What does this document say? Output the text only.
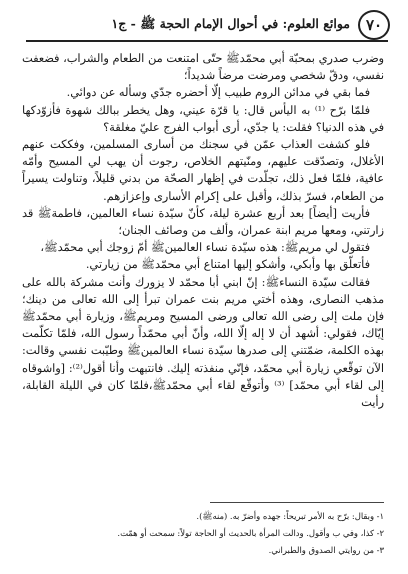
٧٠
موائع العلوم: في أحوال الإمام الحجة ﷺ - ج١

وضرب صدري بمحبّة أبي محمّدﷺ حتّى امتنعت من الطعام والشراب، فضعفت نفسي، ودقّ شخصي ومرضت مرضاً شديداً؛

فما بقي في مدائن الروم طبيب إلّا أحضره جدّي وسأله عن دوائي.

فلمّا برّح ⁽¹⁾ به اليأس قال: يا قرّة عيني، وهل يخطر ببالك شهوة فأزوّدكها في هذه الدنيا؟ فقلت: يا جدّي، أرى أبواب الفرج عليّ مغلقة؟

فلو كشفت العذاب عمّن في سجنك من أسارى المسلمين، وفككت عنهم الأغلال، وتصدّقت عليهم، ومنّيتهم الخلاص، رجوت أن يهب لي المسيح وأمّه عافية، فلمّا فعل ذلك، تجلّدت في إظهار الصحّة من بدني قليلاً، وتناولت يسيراً من الطعام، فسرّ بذلك، وأقبل على إكرام الأسارى وإعزازهم.

فأريت [أيضاً] بعد أربع عشرة ليلة، كأنّ سيّدة نساء العالمين، فاطمةﷺ قد زارتني، ومعها مريم ابنة عمران، وألف من وصائف الجنان؛

فتقول لي مريمﷺ: هذه سيّدة نساء العالمينﷺ أمّ زوجك أبي محمّدﷺ،

فأتعلّق بها وأبكي، وأشكو إليها امتناع أبي محمّدﷺ من زيارتي.

فقالت سيّدة النساءﷺ: إنّ ابني أبا محمّد لا يزورك وأنت مشركة بالله على مذهب النصارى، وهذه أختي مريم بنت عمران تبرأ إلى الله تعالى من دينك؛ فإن ملت إلى رضى الله تعالى ورضى المسيح ومريمﷺ، وزيارة أبي محمّدﷺ إيّاك، فقولي: أشهد أن لا إله إلّا الله، وأنّ أبي محمّداً رسول الله، فلمّا تكلّمت بهذه الكلمة، ضمّتني إلى صدرها سيّدة نساء العالمينﷺ وطيّبت نفسي وقالت: الآن توقّعي زيارة أبي محمّد، فإنّي منفذته إليك. فانتبهت وأنا أقول⁽²⁾: [واشوقاه إلى لقاء أبي محمّد] ⁽³⁾ وأتوقّع لقاء أبي محمّدﷺ،فلمّا كان في الليلة القابلة، رأيت

١- وبقال: برّح به الأمر تبريحاً: جهده وأضرّ به. (منهﷺ).

٢- كذا، وفي ب وأقول. ودالت المرأة بالحديث أو الحاجة تولاً: سمحت أو همّت.

٣- من روايتي الصدوق والطبراني.
